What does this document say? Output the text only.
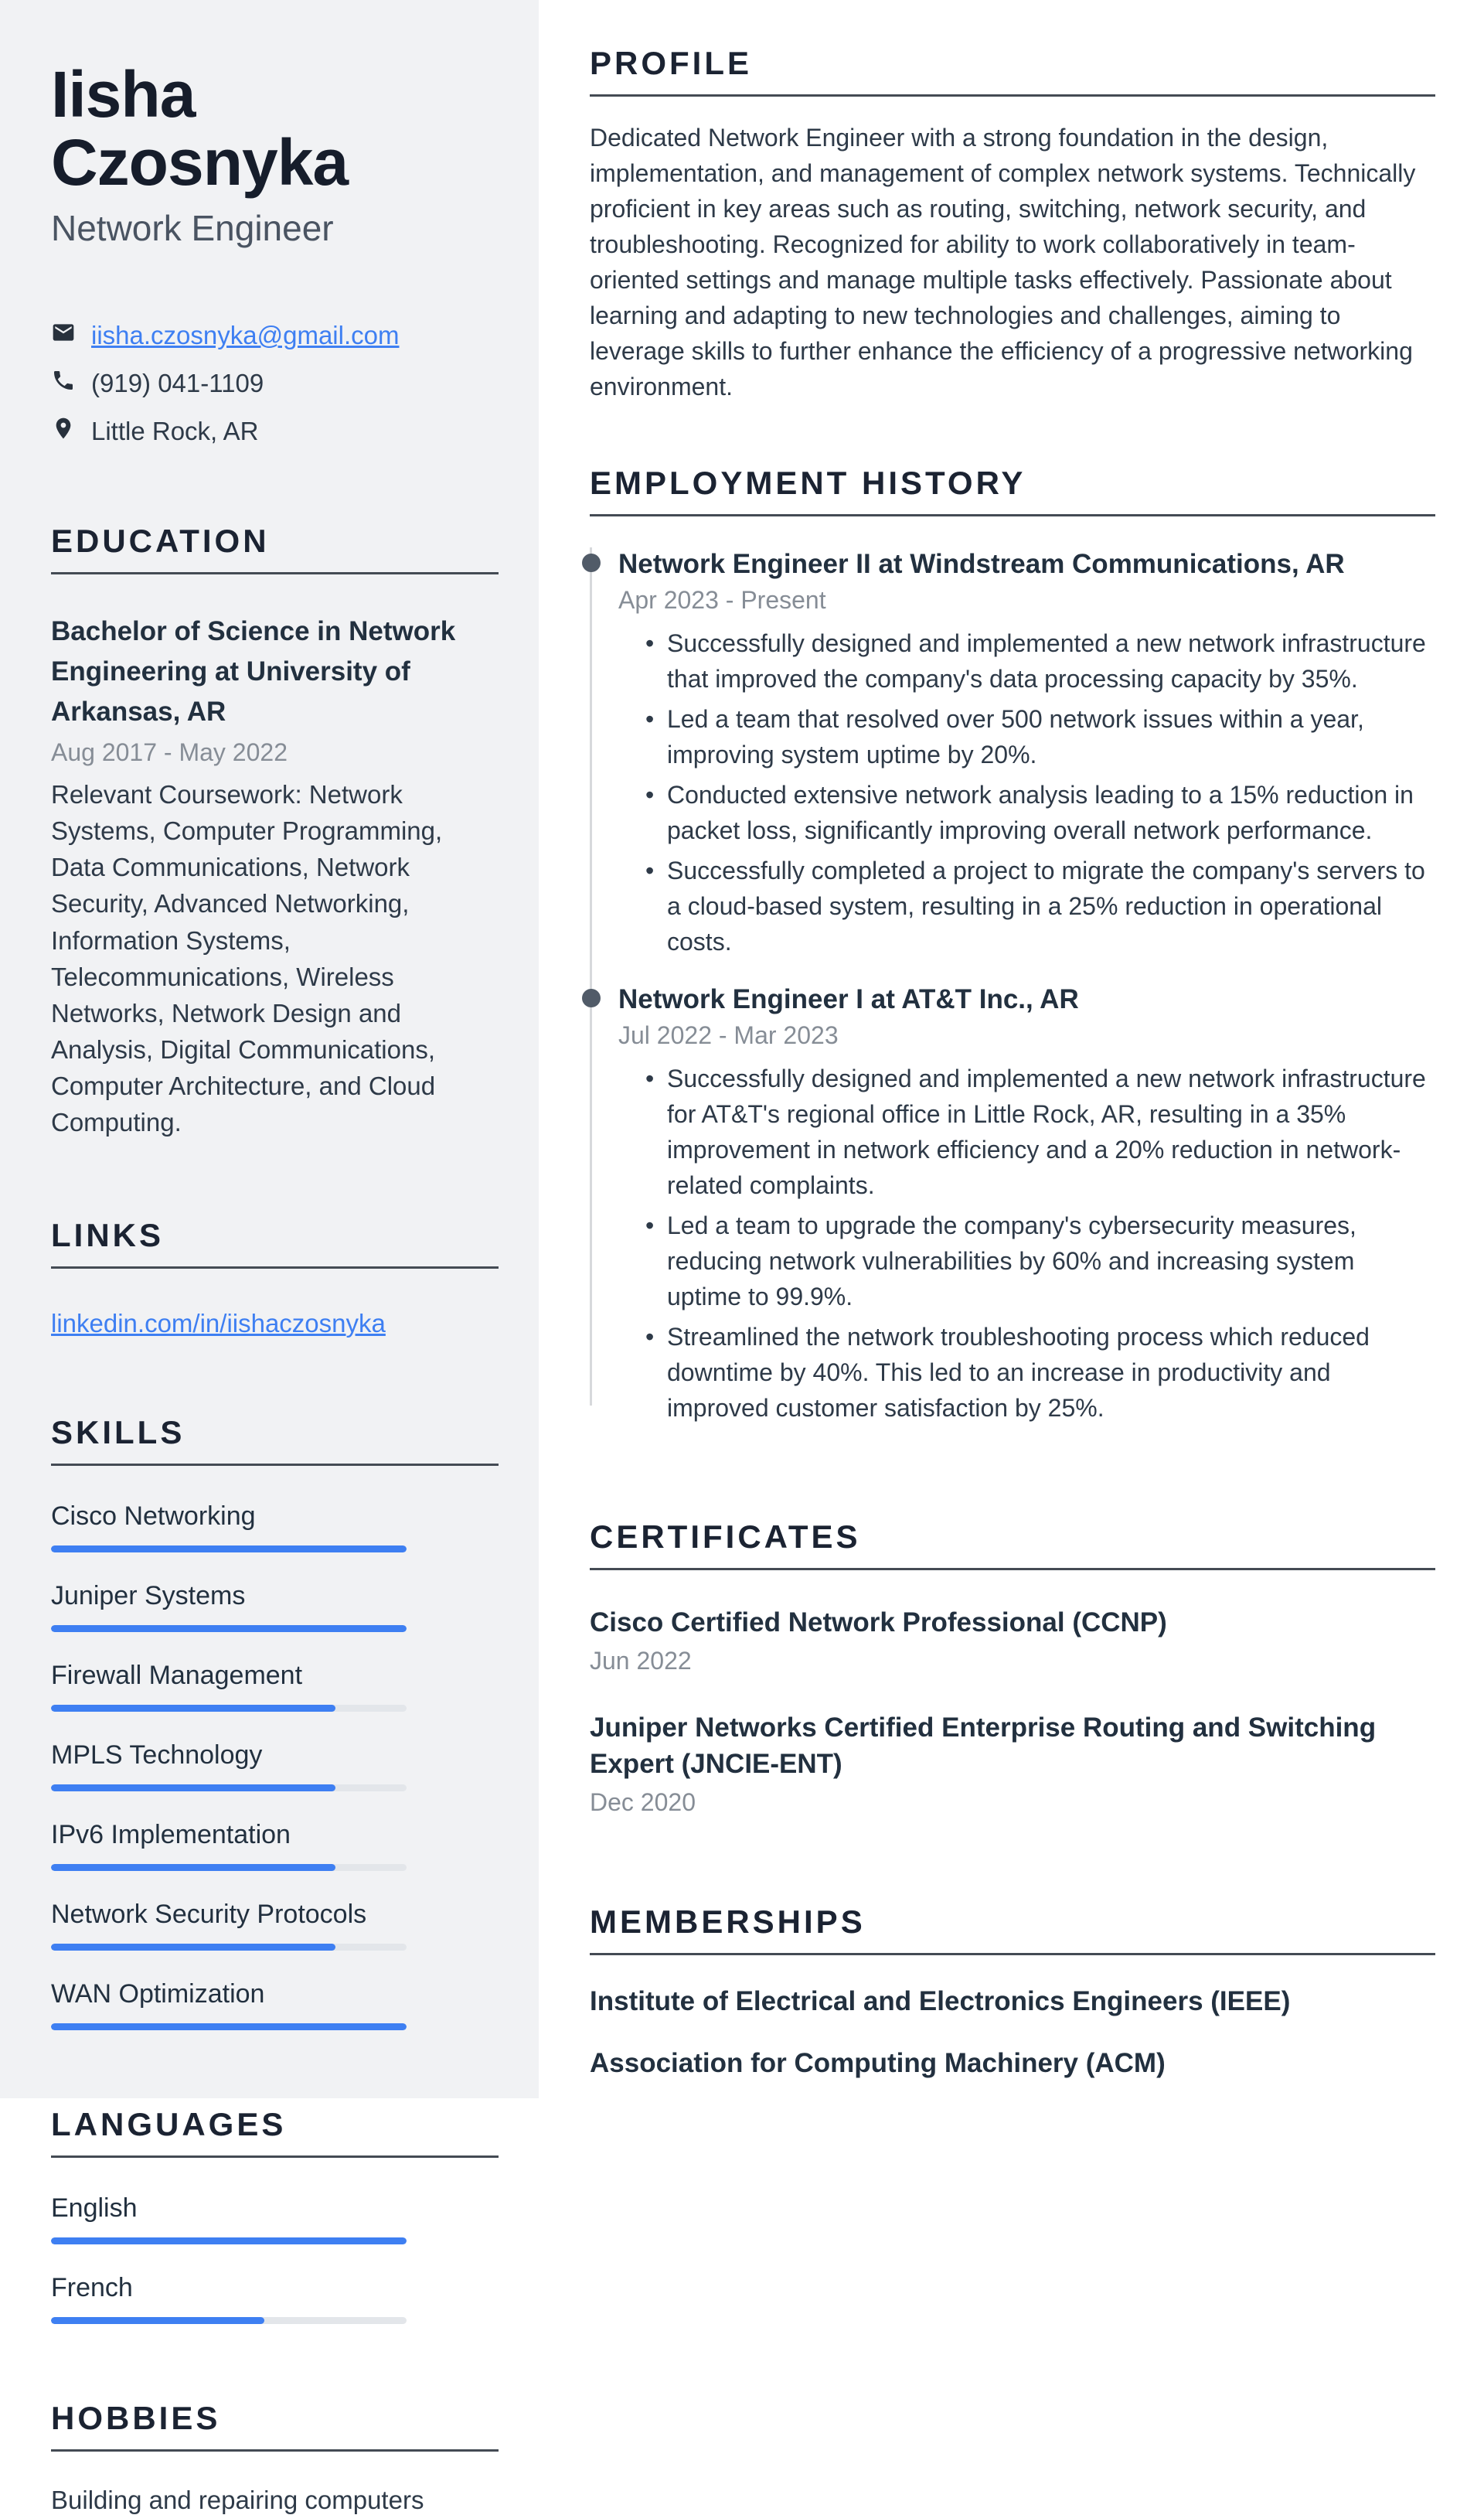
Iisha Czosnyka
Network Engineer
iisha.czosnyka@gmail.com
(919) 041-1109
Little Rock, AR
EDUCATION
Bachelor of Science in Network Engineering at University of Arkansas, AR
Aug 2017 - May 2022
Relevant Coursework: Network Systems, Computer Programming, Data Communications, Network Security, Advanced Networking, Information Systems, Telecommunications, Wireless Networks, Network Design and Analysis, Digital Communications, Computer Architecture, and Cloud Computing.
LINKS
linkedin.com/in/iishaczosnyka
SKILLS
Cisco Networking
Juniper Systems
Firewall Management
MPLS Technology
IPv6 Implementation
Network Security Protocols
WAN Optimization
LANGUAGES
English
French
HOBBIES
Building and repairing computers
PROFILE

Dedicated Network Engineer with a strong foundation in the design, implementation, and management of complex network systems. Technically proficient in key areas such as routing, switching, network security, and troubleshooting. Recognized for ability to work collaboratively in team-oriented settings and manage multiple tasks effectively. Passionate about learning and adapting to new technologies and challenges, aiming to leverage skills to further enhance the efficiency of a progressive networking environment.

EMPLOYMENT HISTORY
Network Engineer II at Windstream Communications, AR
Apr 2023 - Present
• Successfully designed and implemented a new network infrastructure that improved the company's data processing capacity by 35%.
• Led a team that resolved over 500 network issues within a year, improving system uptime by 20%.
• Conducted extensive network analysis leading to a 15% reduction in packet loss, significantly improving overall network performance.
• Successfully completed a project to migrate the company's servers to a cloud-based system, resulting in a 25% reduction in operational costs.
Network Engineer I at AT&T Inc., AR
Jul 2022 - Mar 2023
• Successfully designed and implemented a new network infrastructure for AT&T's regional office in Little Rock, AR, resulting in a 35% improvement in network efficiency and a 20% reduction in network-related complaints.
• Led a team to upgrade the company's cybersecurity measures, reducing network vulnerabilities by 60% and increasing system uptime to 99.9%.
• Streamlined the network troubleshooting process which reduced downtime by 40%. This led to an increase in productivity and improved customer satisfaction by 25%.
CERTIFICATES
Cisco Certified Network Professional (CCNP)
Jun 2022
Juniper Networks Certified Enterprise Routing and Switching Expert (JNCIE-ENT)
Dec 2020
MEMBERSHIPS
Institute of Electrical and Electronics Engineers (IEEE)
Association for Computing Machinery (ACM)
